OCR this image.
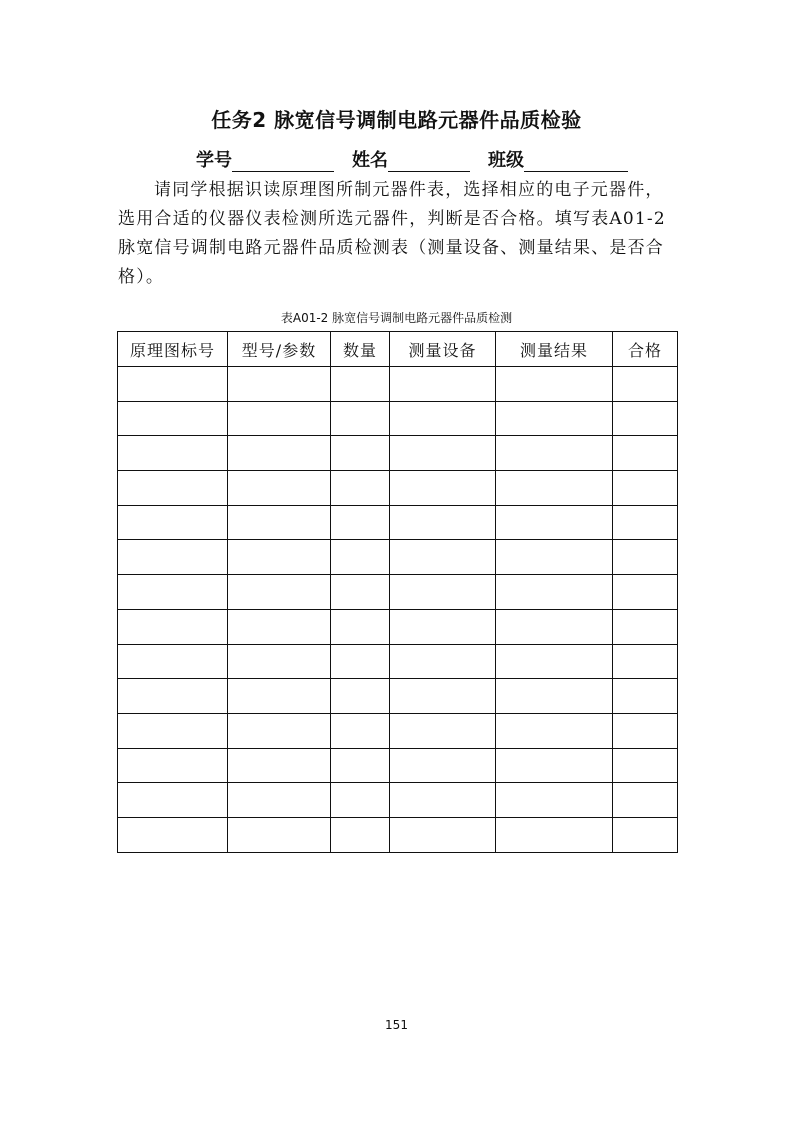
任务2 脉宽信号调制电路元器件品质检验
学号	姓名	班级
请同学根据识读原理图所制元器件表，选择相应的电子元器件，
选用合适的仪器仪表检测所选元器件，判断是否合格。填写表A01-2
脉宽信号调制电路元器件品质检测表（测量设备、测量结果、是否合
格）。
表A01-2 脉宽信号调制电路元器件品质检测
原理图标号	型号/参数	数量	测量设备	测量结果	合格

151
